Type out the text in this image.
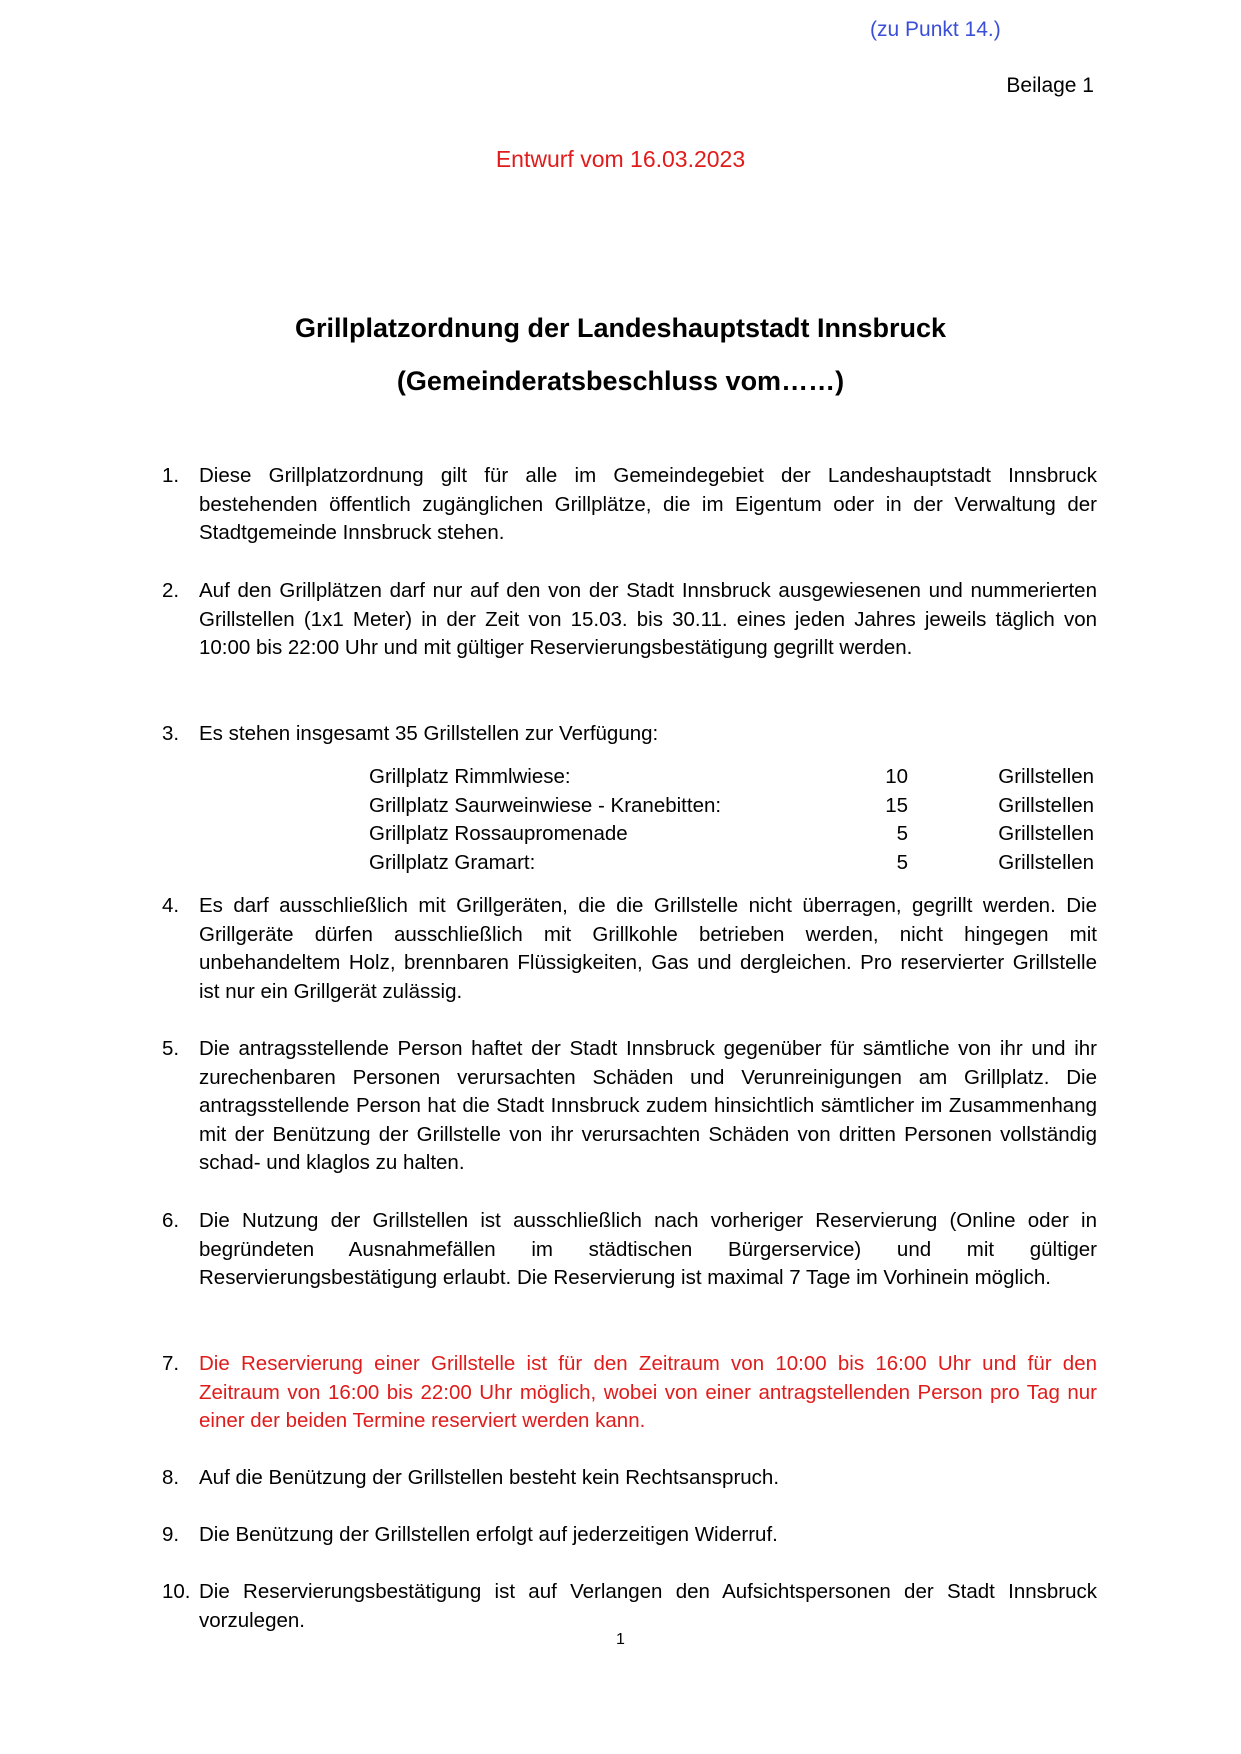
(zu Punkt 14.)
Beilage 1
Entwurf vom 16.03.2023
Grillplatzordnung der Landeshauptstadt Innsbruck
(Gemeinderatsbeschluss vom……)
1. Diese Grillplatzordnung gilt für alle im Gemeindegebiet der Landeshauptstadt Innsbruck bestehenden öffentlich zugänglichen Grillplätze, die im Eigentum oder in der Verwaltung der Stadtgemeinde Innsbruck stehen.
2. Auf den Grillplätzen darf nur auf den von der Stadt Innsbruck ausgewiesenen und nummerierten Grillstellen (1x1 Meter) in der Zeit von 15.03. bis 30.11. eines jeden Jahres jeweils täglich von 10:00 bis 22:00 Uhr und mit gültiger Reservierungsbestätigung gegrillt werden.
3. Es stehen insgesamt 35 Grillstellen zur Verfügung:
Grillplatz Rimmlwiese:	10	Grillstellen
Grillplatz Saurweinwiese - Kranebitten:	15	Grillstellen
Grillplatz Rossaupromenade	5	Grillstellen
Grillplatz Gramart:	5	Grillstellen
4. Es darf ausschließlich mit Grillgeräten, die die Grillstelle nicht überragen, gegrillt werden. Die Grillgeräte dürfen ausschließlich mit Grillkohle betrieben werden, nicht hingegen mit unbehandeltem Holz, brennbaren Flüssigkeiten, Gas und dergleichen. Pro reservierter Grillstelle ist nur ein Grillgerät zulässig.
5. Die antragsstellende Person haftet der Stadt Innsbruck gegenüber für sämtliche von ihr und ihr zurechenbaren Personen verursachten Schäden und Verunreinigungen am Grillplatz. Die antragsstellende Person hat die Stadt Innsbruck zudem hinsichtlich sämtlicher im Zusammenhang mit der Benützung der Grillstelle von ihr verursachten Schäden von dritten Personen vollständig schad- und klaglos zu halten.
6. Die Nutzung der Grillstellen ist ausschließlich nach vorheriger Reservierung (Online oder in begründeten Ausnahmefällen im städtischen Bürgerservice) und mit gültiger Reservierungsbestätigung erlaubt. Die Reservierung ist maximal 7 Tage im Vorhinein möglich.
7. Die Reservierung einer Grillstelle ist für den Zeitraum von 10:00 bis 16:00 Uhr und für den Zeitraum von 16:00 bis 22:00 Uhr möglich, wobei von einer antragstellenden Person pro Tag nur einer der beiden Termine reserviert werden kann.
8. Auf die Benützung der Grillstellen besteht kein Rechtsanspruch.
9. Die Benützung der Grillstellen erfolgt auf jederzeitigen Widerruf.
10. Die Reservierungsbestätigung ist auf Verlangen den Aufsichtspersonen der Stadt Innsbruck vorzulegen.
1
